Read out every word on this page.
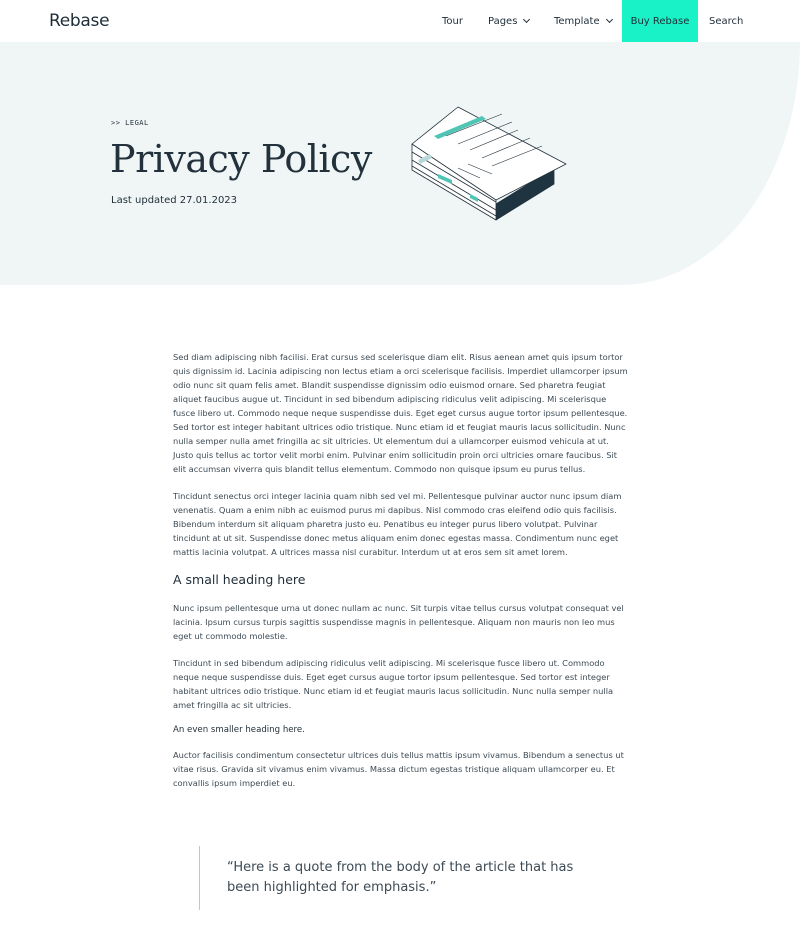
Rebase	Tour	Pages	Template	Buy Rebase Search
>> LEGAL
Privacy Policy
Last updated 27.01.2023

Sed diam adipiscing nibh facilisi. Erat cursus sed scelerisque diam elit. Risus aenean amet quis ipsum tortor quis dignissim id. Lacinia adipiscing non lectus etiam a orci scelerisque facilisis. Imperdiet ullamcorper ipsum odio nunc sit quam felis amet. Blandit suspendisse dignissim odio euismod ornare. Sed pharetra feugiat aliquet faucibus augue ut. Tincidunt in sed bibendum adipiscing ridiculus velit adipiscing. Mi scelerisque fusce libero ut. Commodo neque neque suspendisse duis. Eget eget cursus augue tortor ipsum pellentesque. Sed tortor est integer habitant ultrices odio tristique. Nunc etiam id et feugiat mauris lacus sollicitudin. Nunc nulla semper nulla amet fringilla ac sit ultricies. Ut elementum dui a ullamcorper euismod vehicula at ut. Justo quis tellus ac tortor velit morbi enim. Pulvinar enim sollicitudin proin orci ultricies ornare faucibus. Sit elit accumsan viverra quis blandit tellus elementum. Commodo non quisque ipsum eu purus tellus.

Tincidunt senectus orci integer lacinia quam nibh sed vel mi. Pellentesque pulvinar auctor nunc ipsum diam venenatis. Quam a enim nibh ac euismod purus mi dapibus. Nisl commodo cras eleifend odio quis facilisis. Bibendum interdum sit aliquam pharetra justo eu. Penatibus eu integer purus libero volutpat. Pulvinar tincidunt at ut sit. Suspendisse donec metus aliquam enim donec egestas massa. Condimentum nunc eget mattis lacinia volutpat. A ultrices massa nisl curabitur. Interdum ut at eros sem sit amet lorem.

A small heading here

Nunc ipsum pellentesque urna ut donec nullam ac nunc. Sit turpis vitae tellus cursus volutpat consequat vel lacinia. Ipsum cursus turpis sagittis suspendisse magnis in pellentesque. Aliquam non mauris non leo mus eget ut commodo molestie.

Tincidunt in sed bibendum adipiscing ridiculus velit adipiscing. Mi scelerisque fusce libero ut. Commodo neque neque suspendisse duis. Eget eget cursus augue tortor ipsum pellentesque. Sed tortor est integer habitant ultrices odio tristique. Nunc etiam id et feugiat mauris lacus sollicitudin. Nunc nulla semper nulla amet fringilla ac sit ultricies.

An even smaller heading here.

Auctor facilisis condimentum consectetur ultrices duis tellus mattis ipsum vivamus. Bibendum a senectus ut vitae risus. Gravida sit vivamus enim vivamus. Massa dictum egestas tristique aliquam ullamcorper eu. Et convallis ipsum imperdiet eu.

“Here is a quote from the body of the article that has been highlighted for emphasis.”
